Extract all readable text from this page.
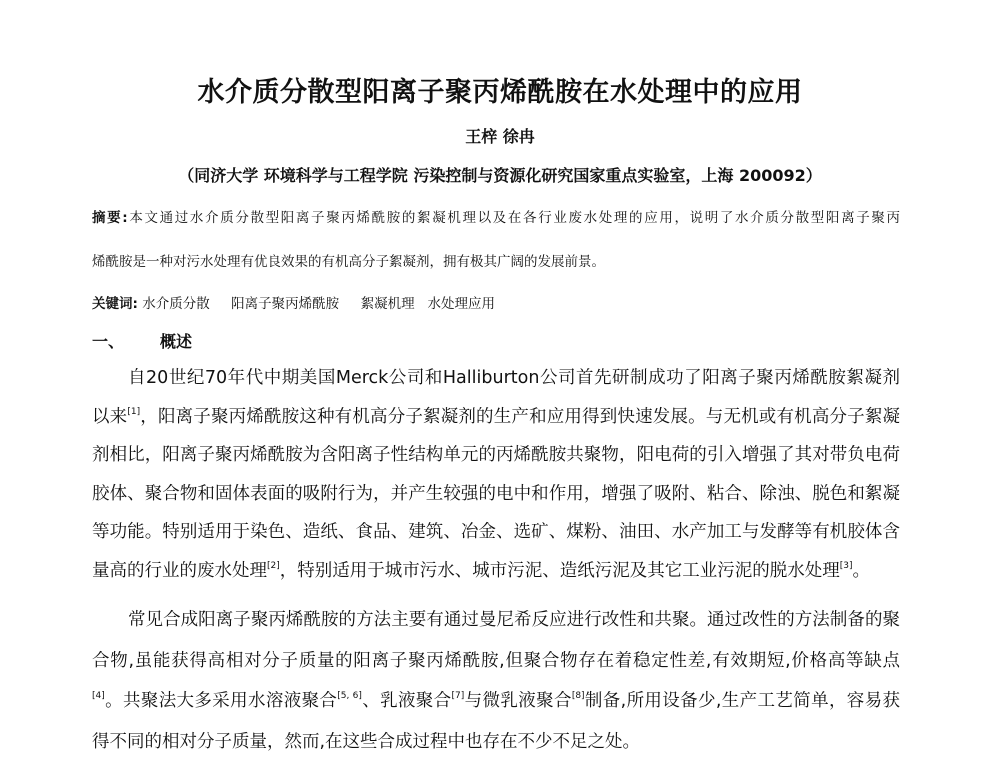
水介质分散型阳离子聚丙烯酰胺在水处理中的应用
王梓 徐冉
（同济大学 环境科学与工程学院 污染控制与资源化研究国家重点实验室，上海 200092）
摘要:本文通过水介质分散型阳离子聚丙烯酰胺的絮凝机理以及在各行业废水处理的应用，说明了水介质分散型阳离子聚丙
烯酰胺是一种对污水处理有优良效果的有机高分子絮凝剂，拥有极其广阔的发展前景。
关键词: 水介质分散 阳离子聚丙烯酰胺 絮凝机理 水处理应用
一、 概述
自20世纪70年代中期美国Merck公司和Halliburton公司首先研制成功了阳离子聚丙烯酰胺絮凝剂
以来[1]，阳离子聚丙烯酰胺这种有机高分子絮凝剂的生产和应用得到快速发展。与无机或有机高分子絮凝
剂相比，阳离子聚丙烯酰胺为含阳离子性结构单元的丙烯酰胺共聚物，阳电荷的引入增强了其对带负电荷
胶体、聚合物和固体表面的吸附行为，并产生较强的电中和作用，增强了吸附、粘合、除浊、脱色和絮凝
等功能。特别适用于染色、造纸、食品、建筑、冶金、选矿、煤粉、油田、水产加工与发酵等有机胶体含
量高的行业的废水处理[2]，特别适用于城市污水、城市污泥、造纸污泥及其它工业污泥的脱水处理[3]。
常见合成阳离子聚丙烯酰胺的方法主要有通过曼尼希反应进行改性和共聚。通过改性的方法制备的聚
合物,虽能获得高相对分子质量的阳离子聚丙烯酰胺,但聚合物存在着稳定性差,有效期短,价格高等缺点
[4]。共聚法大多采用水溶液聚合[5, 6]、乳液聚合[7]与微乳液聚合[8]制备,所用设备少,生产工艺简单，容易获
得不同的相对分子质量，然而,在这些合成过程中也存在不少不足之处。
